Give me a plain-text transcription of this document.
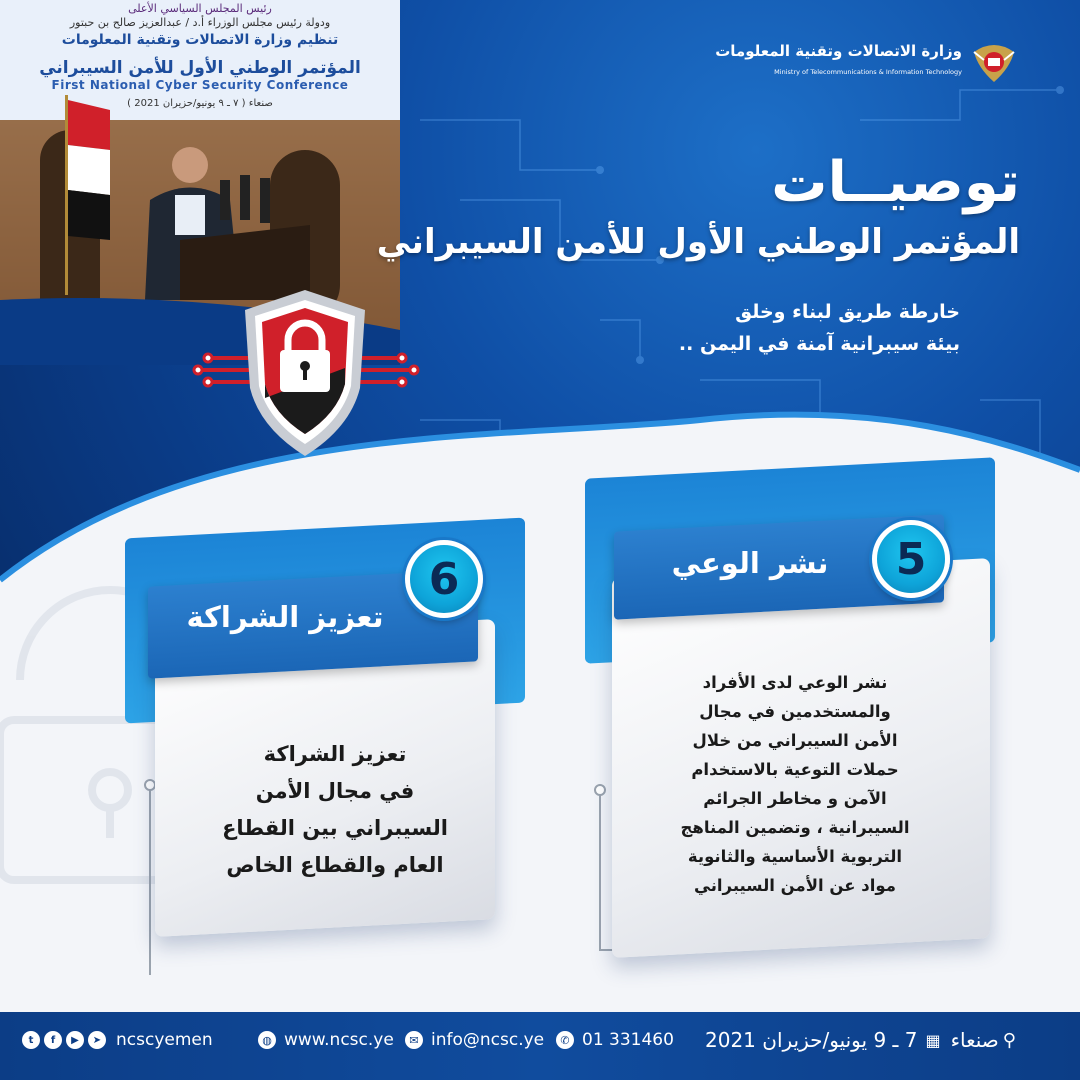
رئيس المجلس السياسي الأعلى
ودولة رئيس مجلس الوزراء أ.د / عبدالعزيز صالح بن حبتور
تنظيم وزارة الاتصالات وتقنية المعلومات
المؤتمر الوطني الأول للأمن السيبراني
First National Cyber Security Conference
صنعاء ( ٧ ـ ٩ يونيو/حزيران 2021 )
وزارة الاتصالات وتقنية المعلومات
Ministry of Telecommunications & Information Technology
توصيــات
المؤتمر الوطني الأول للأمن السيبراني
خارطة طريق لبناء وخلق
بيئة سيبرانية آمنة في اليمن ..
نشر الوعي	5
نشر الوعي لدى الأفراد
والمستخدمين في مجال
الأمن السيبراني من خلال
حملات التوعية بالاستخدام
الآمن و مخاطر الجرائم
السيبرانية ، وتضمين المناهج
التربوية الأساسية والثانوية
مواد عن الأمن السيبراني
تعزيز الشراكة
6
تعزيز الشراكة
في مجال الأمن
السيبراني بين القطاع
العام والقطاع الخاص
t	f	▶	➤ ncscyemen	◍ www.ncsc.ye	✉ info@ncsc.ye	✆ 01 331460	⚲
صنعاء
▦
7 ـ 9 يونيو/حزيران 2021
